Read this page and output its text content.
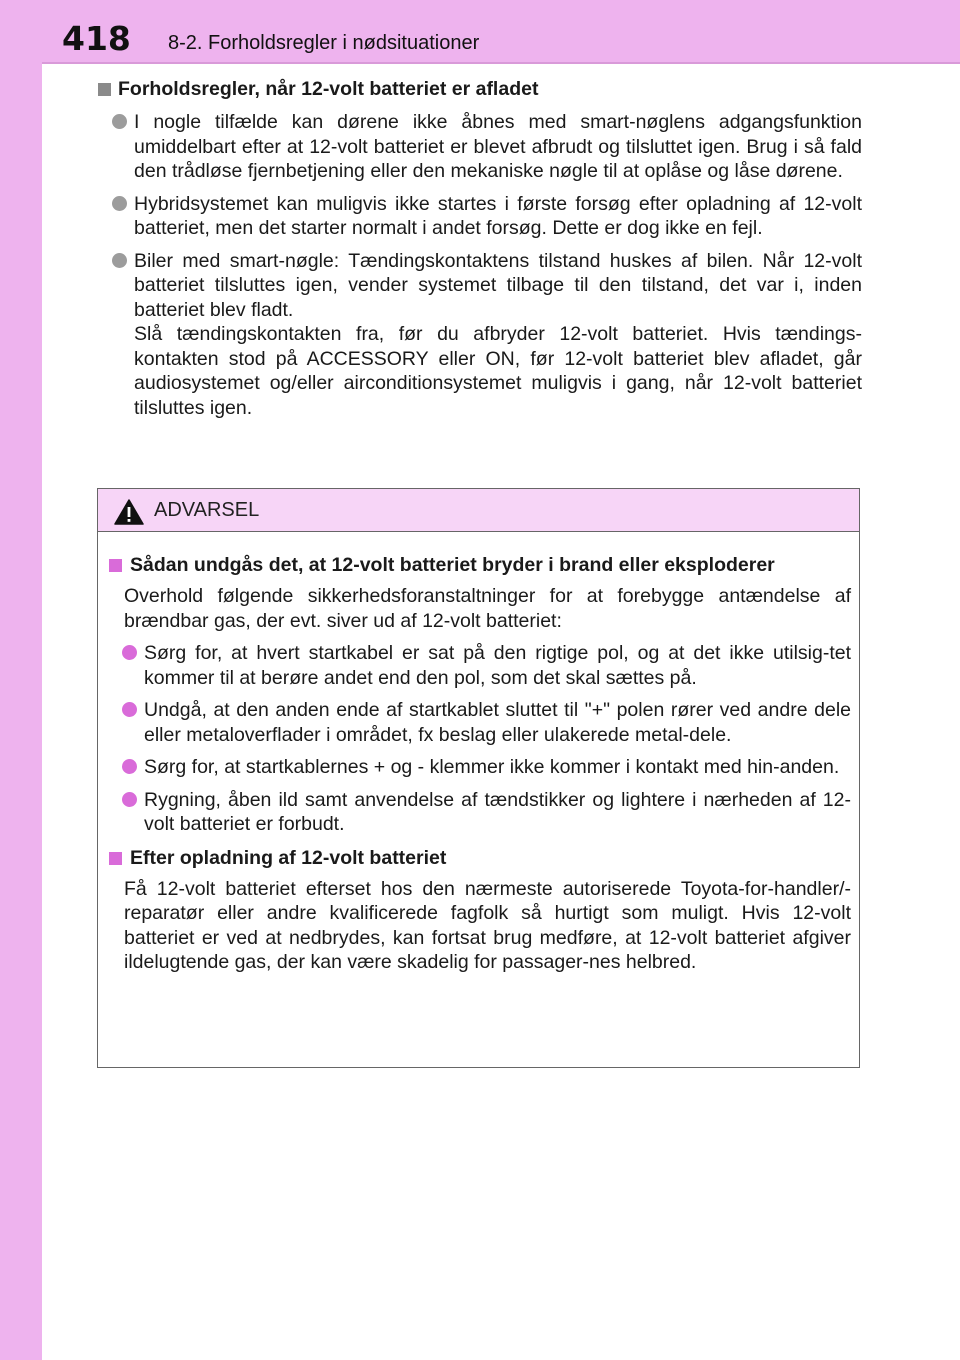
418 8-2. Forholdsregler i nødsituationer
Forholdsregler, når 12-volt batteriet er afladet
I nogle tilfælde kan dørene ikke åbnes med smart-nøglens adgangsfunktion umiddelbart efter at 12-volt batteriet er blevet afbrudt og tilsluttet igen. Brug i så fald den trådløse fjernbetjening eller den mekaniske nøgle til at oplåse og låse dørene.
Hybridsystemet kan muligvis ikke startes i første forsøg efter opladning af 12-volt batteriet, men det starter normalt i andet forsøg. Dette er dog ikke en fejl.
Biler med smart-nøgle: Tændingskontaktens tilstand huskes af bilen. Når 12-volt batteriet tilsluttes igen, vender systemet tilbage til den tilstand, det var i, inden batteriet blev fladt.
Slå tændingskontakten fra, før du afbryder 12-volt batteriet. Hvis tændings-kontakten stod på ACCESSORY eller ON, før 12-volt batteriet blev afladet, går audiosystemet og/eller airconditionsystemet muligvis i gang, når 12-volt batteriet tilsluttes igen.
ADVARSEL
Sådan undgås det, at 12-volt batteriet bryder i brand eller eksploderer
Overhold følgende sikkerhedsforanstaltninger for at forebygge antændelse af brændbar gas, der evt. siver ud af 12-volt batteriet:
Sørg for, at hvert startkabel er sat på den rigtige pol, og at det ikke utilsig-tet kommer til at berøre andet end den pol, som det skal sættes på.
Undgå, at den anden ende af startkablet sluttet til "+" polen rører ved andre dele eller metaloverflader i området, fx beslag eller ulakerede metal-dele.
Sørg for, at startkablernes + og - klemmer ikke kommer i kontakt med hin-anden.
Rygning, åben ild samt anvendelse af tændstikker og lightere i nærheden af 12-volt batteriet er forbudt.
Efter opladning af 12-volt batteriet
Få 12-volt batteriet efterset hos den nærmeste autoriserede Toyota-for-handler/-reparatør eller andre kvalificerede fagfolk så hurtigt som muligt. Hvis 12-volt batteriet er ved at nedbrydes, kan fortsat brug medføre, at 12-volt batteriet afgiver ildelugtende gas, der kan være skadelig for passager-nes helbred.
